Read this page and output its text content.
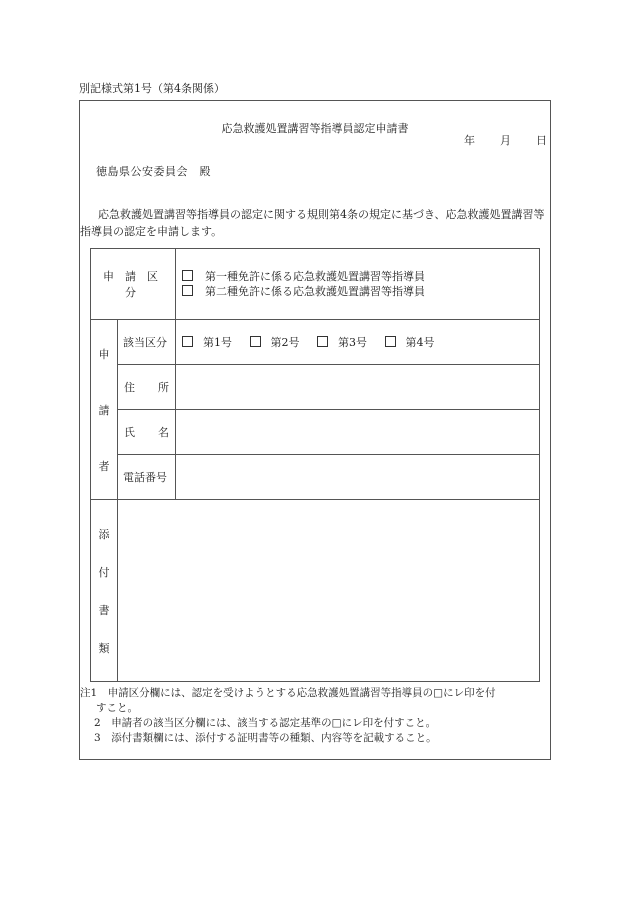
別記様式第1号（第4条関係）
応急救護処置講習等指導員認定申請書
年 月 日
徳島県公安委員会　殿
応急救護処置講習等指導員の認定に関する規則第4条の規定に基づき、応急救護処置講習等指導員の認定を申請します。
申請区分		第一種免許に係る応急救護処置講習等指導員
第二種免許に係る応急救護処置講習等指導員

申
請
者	該当区分	第1号 第2号 第3号 第4号

	住 所	

	氏 名	

	電話番号	

添
付
書
類		

注1　 申請区分欄には、認定を受けようとする応急救護処置講習等指導員の□にレ印を付
すこと。
2　 申請者の該当区分欄には、該当する認定基準の□にレ印を付すこと。
3　 添付書類欄には、添付する証明書等の種類、内容等を記載すること。
